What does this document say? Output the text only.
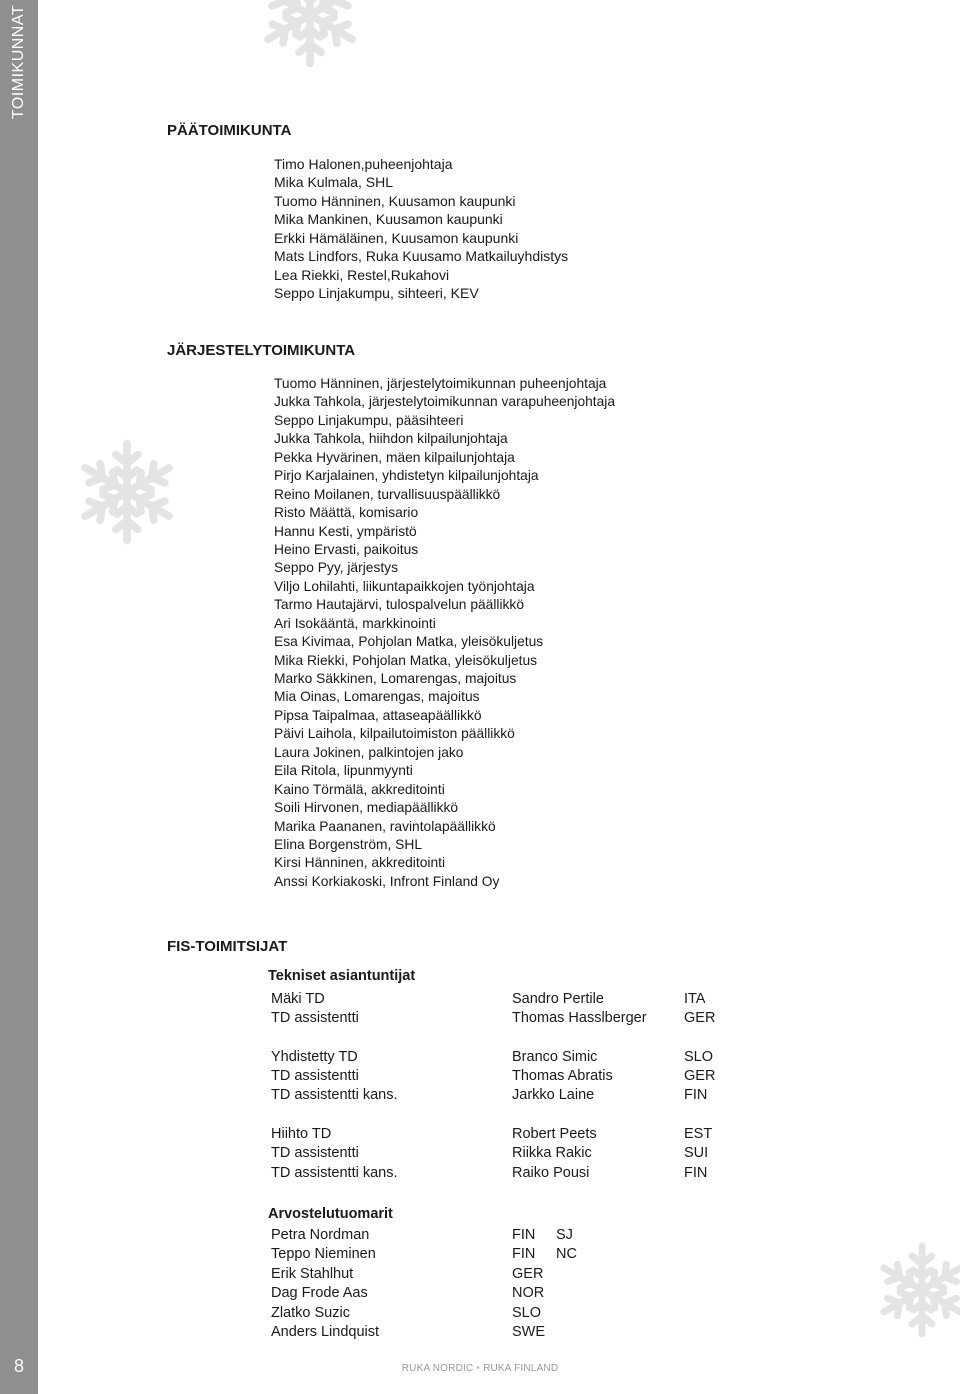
TOIMIKUNNAT
8
PÄÄTOIMIKUNTA
Timo Halonen,puheenjohtaja
Mika Kulmala, SHL
Tuomo Hänninen, Kuusamon kaupunki
Mika Mankinen, Kuusamon kaupunki
Erkki Hämäläinen, Kuusamon kaupunki
Mats Lindfors, Ruka Kuusamo Matkailuyhdistys
Lea Riekki, Restel,Rukahovi
Seppo Linjakumpu, sihteeri, KEV
JÄRJESTELYTOIMIKUNTA
Tuomo Hänninen, järjestelytoimikunnan puheenjohtaja
Jukka Tahkola, järjestelytoimikunnan varapuheenjohtaja
Seppo Linjakumpu, pääsihteeri
Jukka Tahkola, hiihdon kilpailunjohtaja
Pekka Hyvärinen, mäen kilpailunjohtaja
Pirjo Karjalainen, yhdistetyn kilpailunjohtaja
Reino Moilanen, turvallisuuspäällikkö
Risto Määttä, komisario
Hannu Kesti, ympäristö
Heino Ervasti, paikoitus
Seppo Pyy, järjestys
Viljo Lohilahti, liikuntapaikkojen työnjohtaja
Tarmo Hautajärvi, tulospalvelun päällikkö
Ari Isokääntä, markkinointi
Esa Kivimaa, Pohjolan Matka, yleisökuljetus
Mika Riekki, Pohjolan Matka, yleisökuljetus
Marko Säkkinen, Lomarengas, majoitus
Mia Oinas, Lomarengas, majoitus
Pipsa Taipalmaa, attaseapäällikkö
Päivi Laihola, kilpailutoimiston päällikkö
Laura Jokinen, palkintojen jako
Eila Ritola, lipunmyynti
Kaino Törmälä, akkreditointi
Soili Hirvonen, mediapäällikkö
Marika Paananen, ravintolapäällikkö
Elina Borgenström, SHL
Kirsi Hänninen, akkreditointi
Anssi Korkiakoski, Infront Finland Oy
FIS-TOIMITSIJAT
Tekniset asiantuntijat
Mäki TD	Sandro Pertile	ITA
TD assistentti	Thomas Hasslberger	GER
Yhdistetty TD	Branco Simic	SLO
TD assistentti	Thomas Abratis	GER
TD assistentti kans.	Jarkko Laine	FIN
Hiihto TD	Robert Peets	EST
TD assistentti	Riikka Rakic	SUI
TD assistentti kans.	Raiko Pousi	FIN
Arvostelutuomarit
Petra Nordman	FIN SJ
Teppo Nieminen	FIN NC
Erik Stahlhut	GER
Dag Frode Aas	NOR
Zlatko Suzic	SLO
Anders Lindquist	SWE
RUKA NORDIC • RUKA FINLAND
